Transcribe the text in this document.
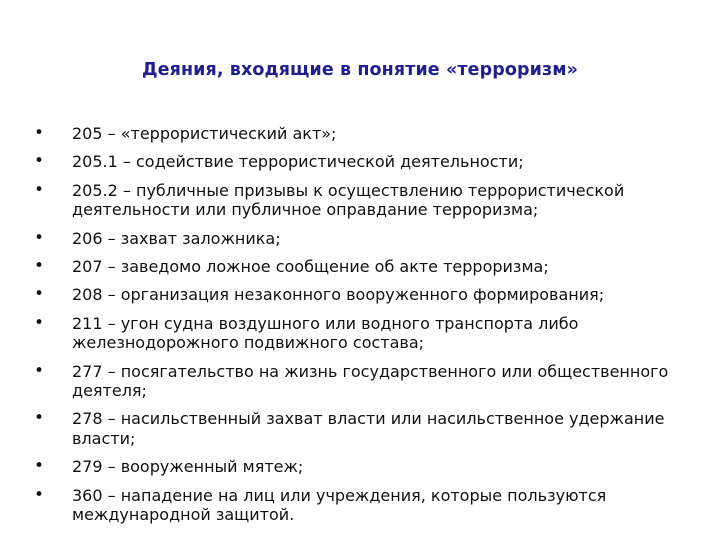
Деяния, входящие в понятие «терроризм»
• 205 – «террористический акт»;
• 205.1 – содействие террористической деятельности;
• 205.2 – публичные призывы к осуществлению террористической деятельности или публичное оправдание терроризма;
• 206 – захват заложника;
• 207 – заведомо ложное сообщение об акте терроризма;
• 208 – организация незаконного вооруженного формирования;
• 211 – угон судна воздушного или водного транспорта либо железнодорожного подвижного состава;
• 277 – посягательство на жизнь государственного или общественного деятеля;
• 278 – насильственный захват власти или насильственное удержание власти;
• 279 – вооруженный мятеж;
• 360 – нападение на лиц или учреждения, которые пользуются международной защитой.
